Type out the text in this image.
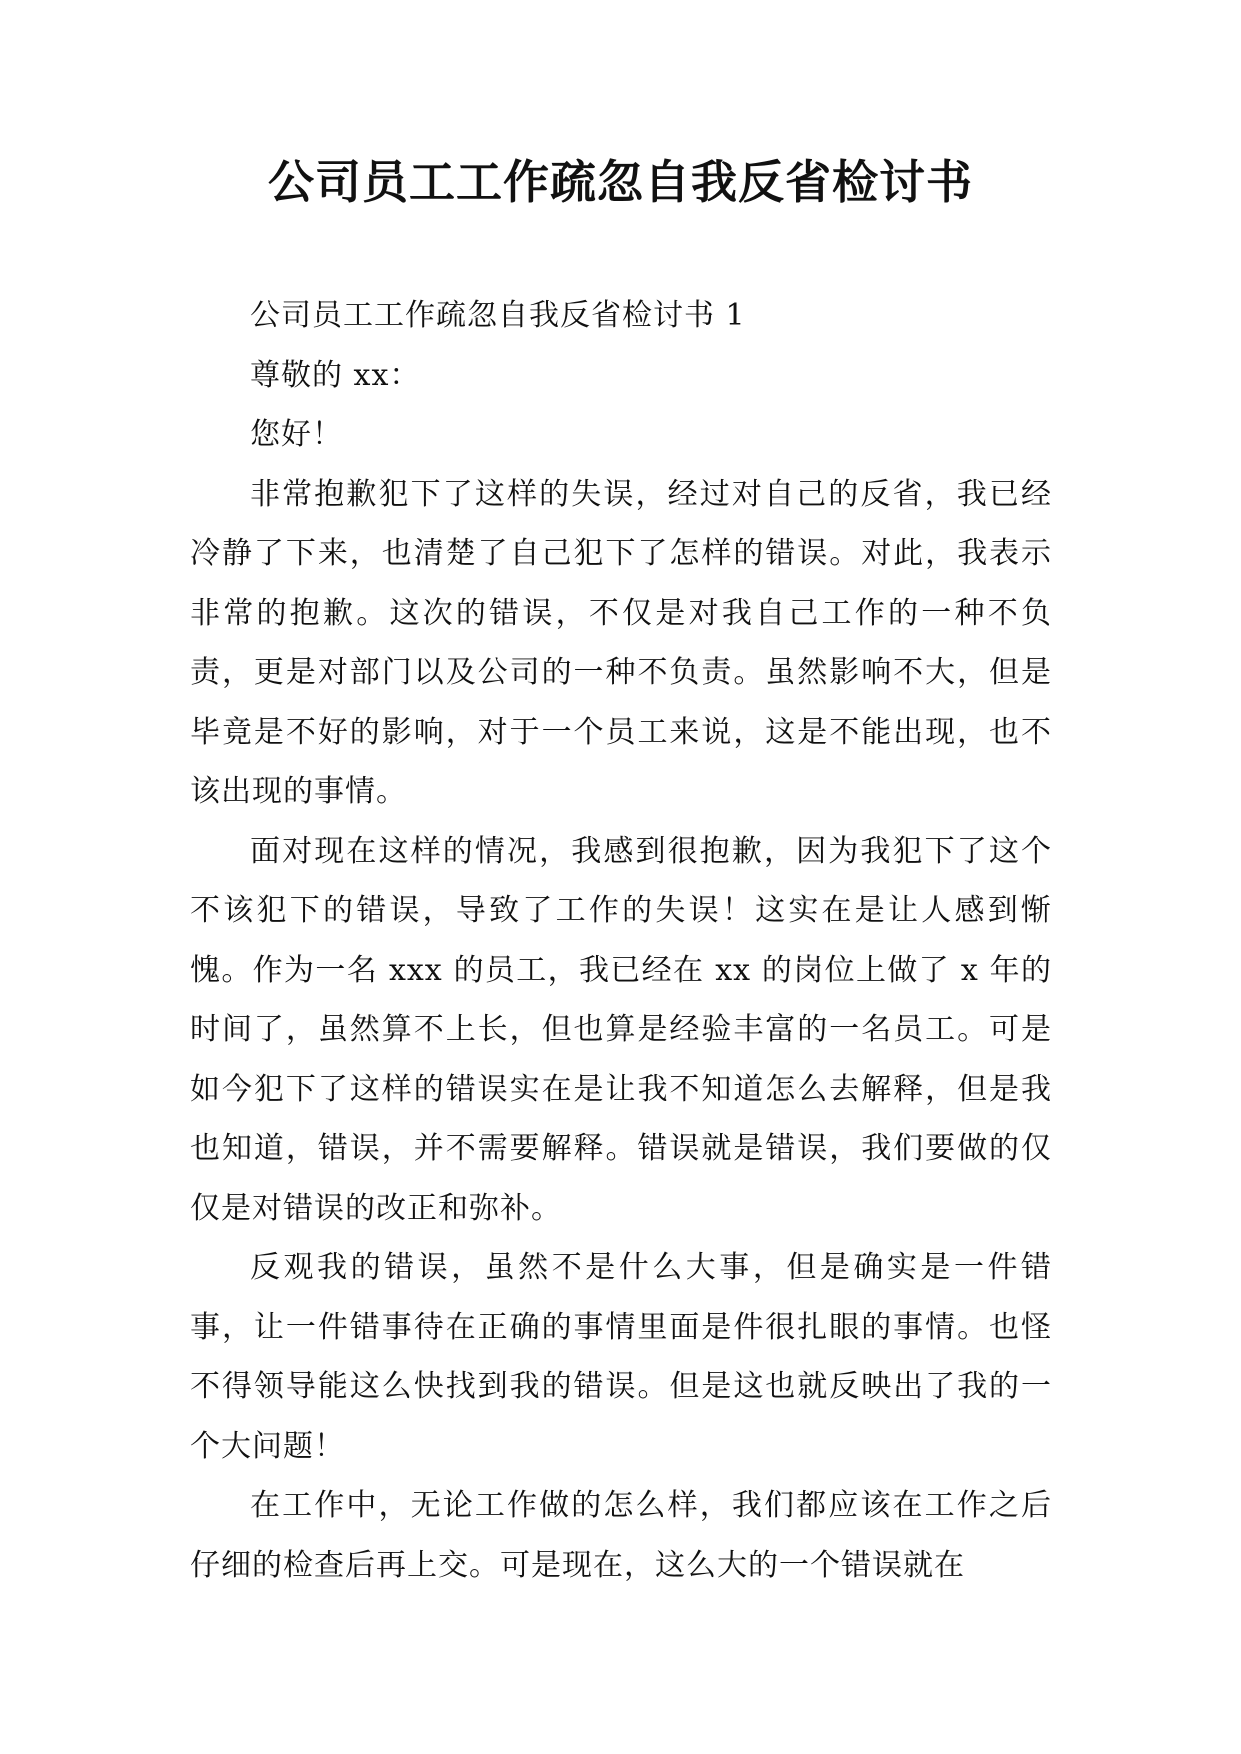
公司员工工作疏忽自我反省检讨书

公司员工工作疏忽自我反省检讨书 1

尊敬的 xx：

您好！

非常抱歉犯下了这样的失误，经过对自己的反省，我已经冷静了下来，也清楚了自己犯下了怎样的错误。对此，我表示非常的抱歉。这次的错误，不仅是对我自己工作的一种不负责，更是对部门以及公司的一种不负责。虽然影响不大，但是毕竟是不好的影响，对于一个员工来说，这是不能出现，也不该出现的事情。

面对现在这样的情况，我感到很抱歉，因为我犯下了这个不该犯下的错误，导致了工作的失误！这实在是让人感到惭愧。作为一名 xxx 的员工，我已经在 xx 的岗位上做了 x 年的时间了，虽然算不上长，但也算是经验丰富的一名员工。可是如今犯下了这样的错误实在是让我不知道怎么去解释，但是我也知道，错误，并不需要解释。错误就是错误，我们要做的仅仅是对错误的改正和弥补。

反观我的错误，虽然不是什么大事，但是确实是一件错事，让一件错事待在正确的事情里面是件很扎眼的事情。也怪不得领导能这么快找到我的错误。但是这也就反映出了我的一个大问题！

在工作中，无论工作做的怎么样，我们都应该在工作之后仔细的检查后再上交。可是现在，这么大的一个错误就在
